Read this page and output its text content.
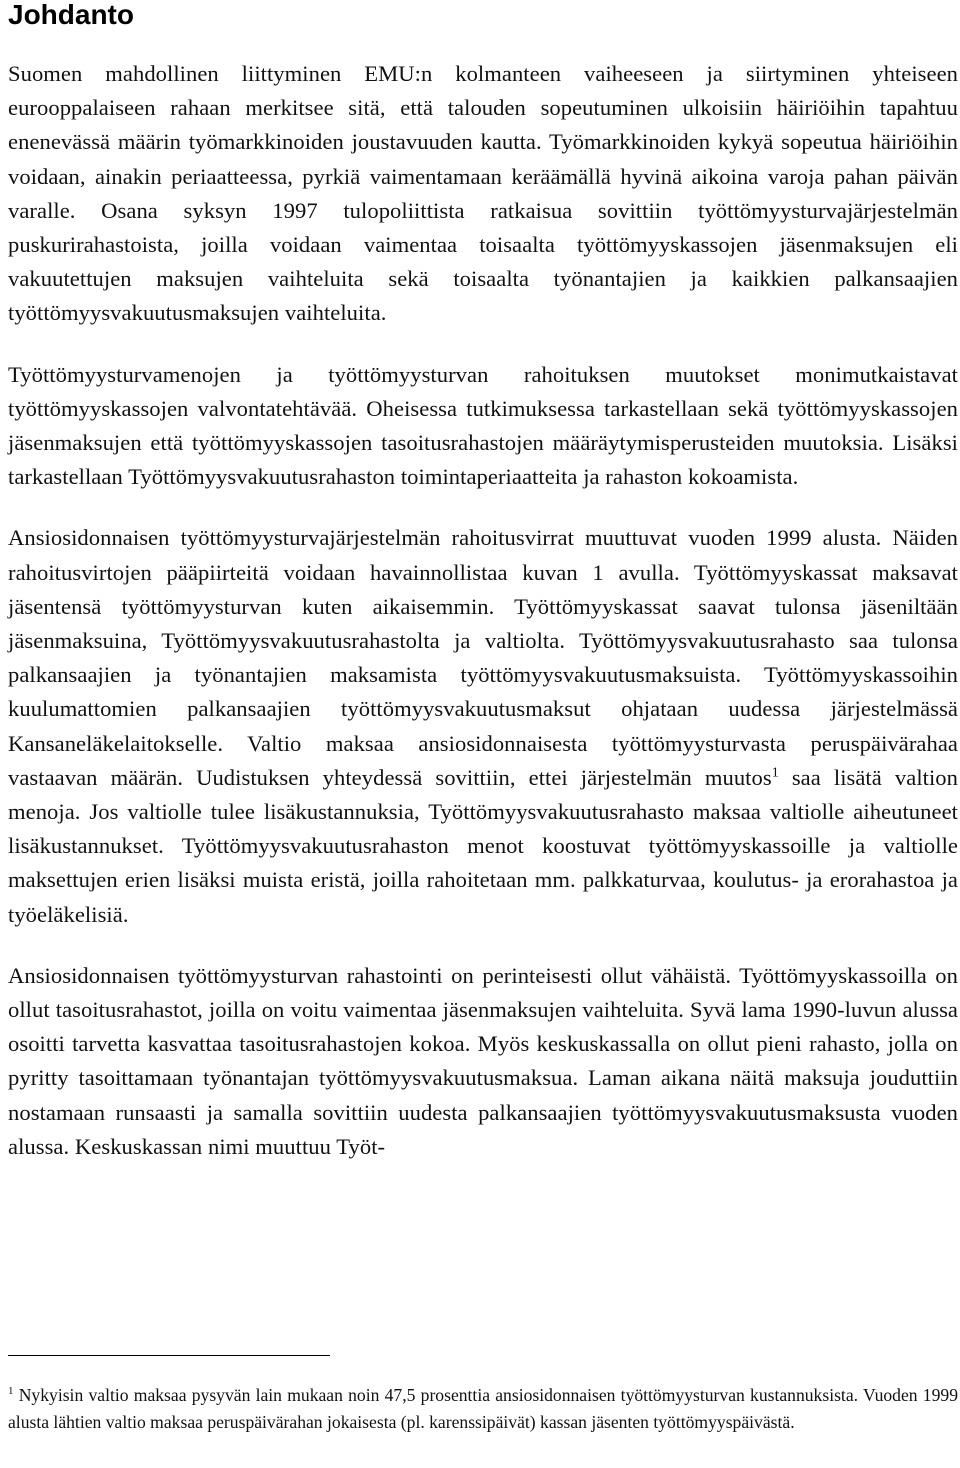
Johdanto

Suomen mahdollinen liittyminen EMU:n kolmanteen vaiheeseen ja siirtyminen yhteiseen eurooppalaiseen rahaan merkitsee sitä, että talouden sopeutuminen ulkoisiin häiriöihin tapahtuu enenevässä määrin työmarkkinoiden joustavuuden kautta. Työmarkkinoiden kykyä sopeutua häiriöihin voidaan, ainakin periaatteessa, pyrkiä vaimentamaan keräämällä hyvinä aikoina varoja pahan päivän varalle. Osana syksyn 1997 tulopoliittista ratkaisua sovittiin työttömyysturvajärjestelmän puskurirahastoista, joilla voidaan vaimentaa toisaalta työttömyyskassojen jäsenmaksujen eli vakuutettujen maksujen vaihteluita sekä toisaalta työnantajien ja kaikkien palkansaajien työttömyysvakuutusmaksujen vaihteluita.

Työttömyysturvamenojen ja työttömyysturvan rahoituksen muutokset monimutkaistavat työttömyyskassojen valvontatehtävää. Oheisessa tutkimuksessa tarkastellaan sekä työttömyyskassojen jäsenmaksujen että työttömyyskassojen tasoitusrahastojen määräytymisperusteiden muutoksia. Lisäksi tarkastellaan Työttömyysvakuutusrahaston toimintaperiaatteita ja rahaston kokoamista.

Ansiosidonnaisen työttömyysturvajärjestelmän rahoitusvirrat muuttuvat vuoden 1999 alusta. Näiden rahoitusvirtojen pääpiirteitä voidaan havainnollistaa kuvan 1 avulla. Työttömyyskassat maksavat jäsentensä työttömyysturvan kuten aikaisemmin. Työttömyyskassat saavat tulonsa jäseniltään jäsenmaksuina, Työttömyysvakuutusrahastolta ja valtiolta. Työttömyysvakuutusrahasto saa tulonsa palkansaajien ja työnantajien maksamista työttömyysvakuutusmaksuista. Työttömyyskassoihin kuulumattomien palkansaajien työttömyysvakuutusmaksut ohjataan uudessa järjestelmässä Kansaneläkelaitokselle. Valtio maksaa ansiosidonnaisesta työttömyysturvasta peruspäivärahaa vastaavan määrän. Uudistuksen yhteydessä sovittiin, ettei järjestelmän muutos$^1$ saa lisätä valtion menoja. Jos valtiolle tulee lisäkustannuksia, Työttömyysvakuutusrahasto maksaa valtiolle aiheutuneet lisäkustannukset. Työttömyysvakuutusrahaston menot koostuvat työttömyyskassoille ja valtiolle maksettujen erien lisäksi muista eristä, joilla rahoitetaan mm. palkkaturvaa, koulutus- ja erorahastoa ja työeläkelisiä.

Ansiosidonnaisen työttömyysturvan rahastointi on perinteisesti ollut vähäistä. Työttömyyskassoilla on ollut tasoitusrahastot, joilla on voitu vaimentaa jäsenmaksujen vaihteluita. Syvä lama 1990-luvun alussa osoitti tarvetta kasvattaa tasoitusrahastojen kokoa. Myös keskuskassalla on ollut pieni rahasto, jolla on pyritty tasoittamaan työnantajan työttömyysvakuutusmaksua. Laman aikana näitä maksuja jouduttiin nostamaan runsaasti ja samalla sovittiin uudesta palkansaajien työttömyysvakuutusmaksusta vuoden alussa. Keskuskassan nimi muuttuu Työt-

$^1$ Nykyisin valtio maksaa pysyvän lain mukaan noin 47,5 prosenttia ansiosidonnaisen työttömyysturvan kustannuksista. Vuoden 1999 alusta lähtien valtio maksaa peruspäivärahan jokaisesta (pl. karenssipäivät) kassan jäsenten työttömyyspäivästä.
